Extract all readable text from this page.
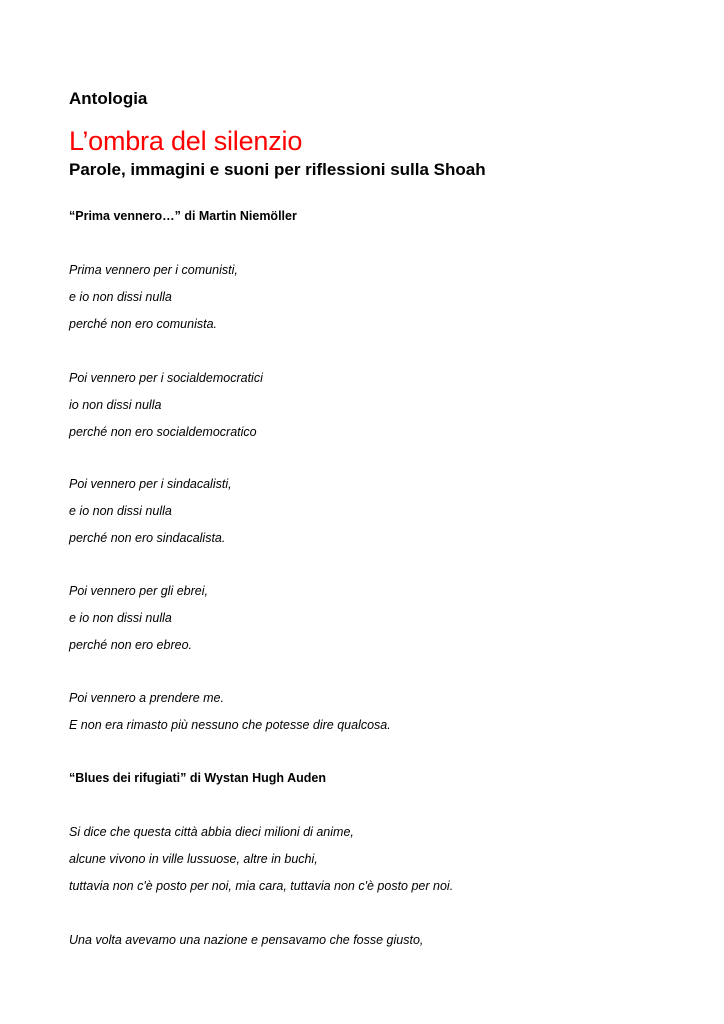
Antologia

L’ombra del silenzio

Parole, immagini e suoni per riflessioni sulla Shoah

“Prima vennero…” di Martin Niemöller

Prima vennero per i comunisti,

e io non dissi nulla

perché non ero comunista.

Poi vennero per i socialdemocratici

io non dissi nulla

perché non ero socialdemocratico

Poi vennero per i sindacalisti,

e io non dissi nulla

perché non ero sindacalista.

Poi vennero per gli ebrei,

e io non dissi nulla

perché non ero ebreo.

Poi vennero a prendere me.

E non era rimasto più nessuno che potesse dire qualcosa.

“Blues dei rifugiati” di Wystan Hugh Auden

Si dice che questa città abbia dieci milioni di anime,

alcune vivono in ville lussuose, altre in buchi,

tuttavia non c'è posto per noi, mia cara, tuttavia non c'è posto per noi.

Una volta avevamo una nazione e pensavamo che fosse giusto,
